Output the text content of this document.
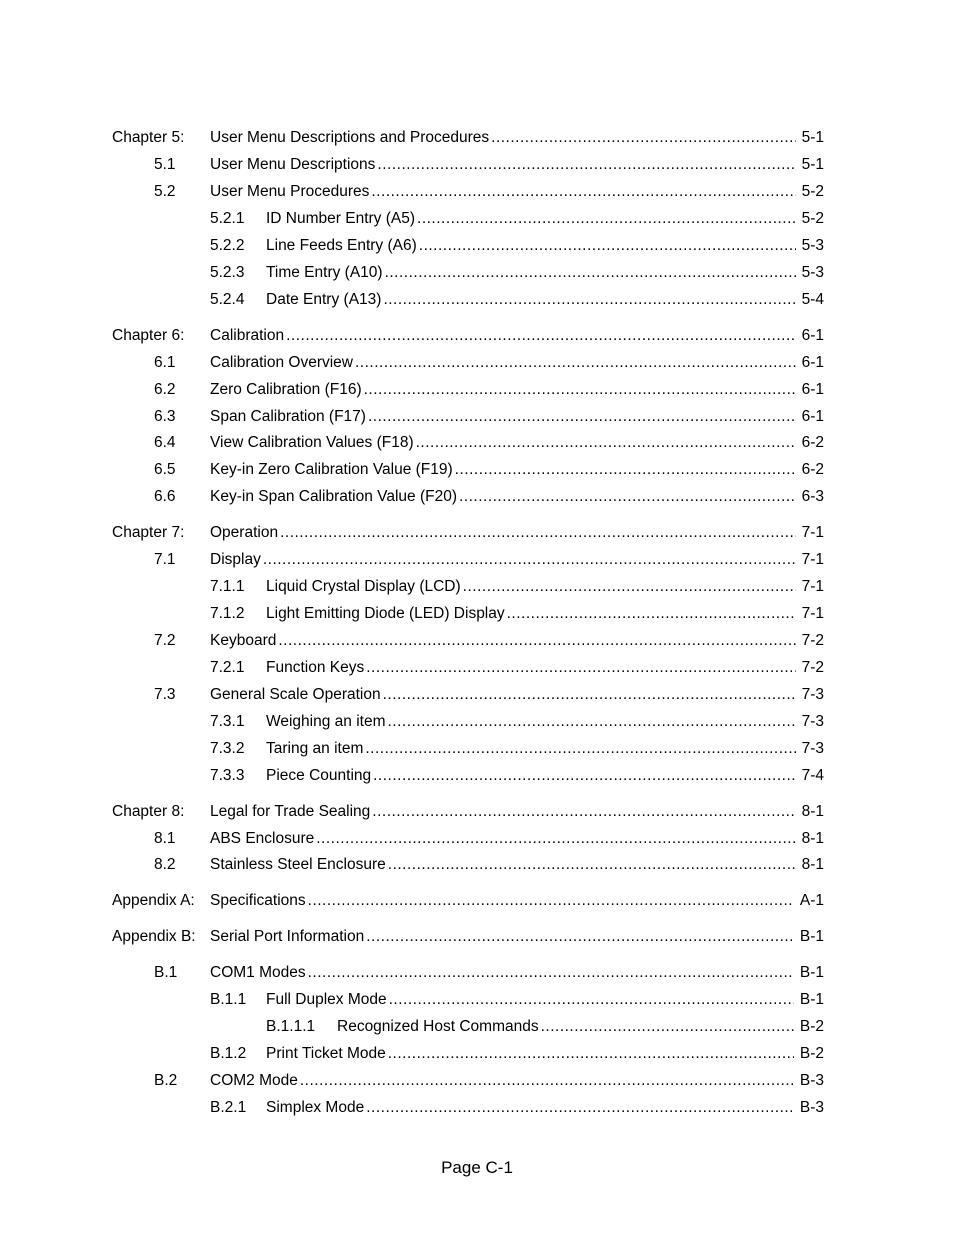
Chapter 5: User Menu Descriptions and Procedures .....	5-1
5.1 User Menu Descriptions .....	5-1
5.2 User Menu Procedures .....	5-2
5.2.1 ID Number Entry (A5) .....	5-2
5.2.2 Line Feeds Entry (A6) .....	5-3
5.2.3 Time Entry (A10) .....	5-3
5.2.4 Date Entry (A13) .....	5-4
Chapter 6: Calibration .....	6-1
6.1 Calibration Overview .....	6-1
6.2 Zero Calibration (F16) .....	6-1
6.3 Span Calibration (F17) .....	6-1
6.4 View Calibration Values (F18) .....	6-2
6.5 Key-in Zero Calibration Value (F19) .....	6-2
6.6 Key-in Span Calibration Value (F20) .....	6-3
Chapter 7: Operation .....	7-1
7.1 Display .....	7-1
7.1.1 Liquid Crystal Display (LCD) .....	7-1
7.1.2 Light Emitting Diode (LED) Display .....	7-1
7.2 Keyboard .....	7-2
7.2.1 Function Keys .....	7-2
7.3 General Scale Operation .....	7-3
7.3.1 Weighing an item .....	7-3
7.3.2 Taring an item .....	7-3
7.3.3 Piece Counting .....	7-4
Chapter 8: Legal for Trade Sealing .....	8-1
8.1 ABS Enclosure .....	8-1
8.2 Stainless Steel Enclosure .....	8-1
Appendix A: Specifications .....	A-1
Appendix B: Serial Port Information .....	B-1
B.1 COM1 Modes .....	B-1
B.1.1 Full Duplex Mode .....	B-1
B.1.1.1 Recognized Host Commands .....	B-2
B.1.2 Print Ticket Mode .....	B-2
B.2 COM2 Mode .....	B-3
B.2.1 Simplex Mode .....	B-3
Page C-1
